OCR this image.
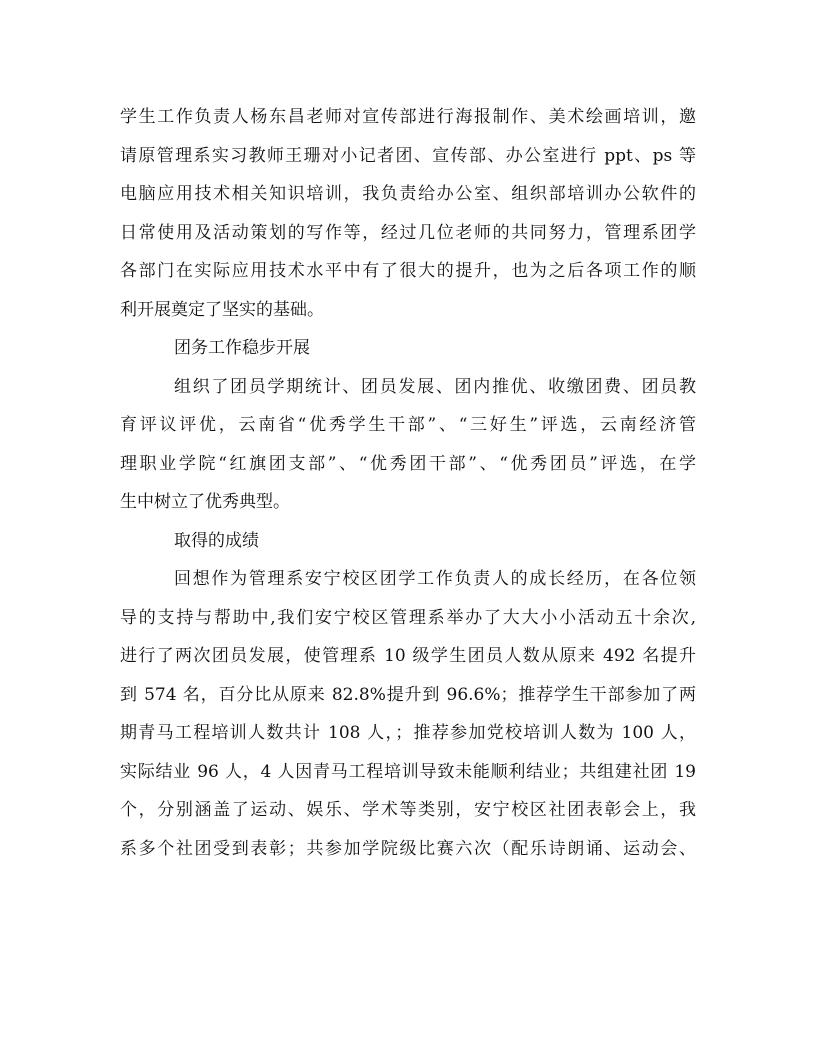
学生工作负责人杨东昌老师对宣传部进行海报制作、美术绘画培训，邀
请原管理系实习教师王珊对小记者团、宣传部、办公室进行 ppt、ps 等
电脑应用技术相关知识培训，我负责给办公室、组织部培训办公软件的
日常使用及活动策划的写作等，经过几位老师的共同努力，管理系团学
各部门在实际应用技术水平中有了很大的提升，也为之后各项工作的顺
利开展奠定了坚实的基础。
团务工作稳步开展
组织了团员学期统计、团员发展、团内推优、收缴团费、团员教
育评议评优，云南省“优秀学生干部”、“三好生”评选，云南经济管
理职业学院“红旗团支部”、“优秀团干部”、“优秀团员”评选，在学
生中树立了优秀典型。
取得的成绩
回想作为管理系安宁校区团学工作负责人的成长经历，在各位领
导的支持与帮助中,我们安宁校区管理系举办了大大小小活动五十余次,
进行了两次团员发展，使管理系 10 级学生团员人数从原来 492 名提升
到 574 名，百分比从原来 82.8%提升到 96.6%；推荐学生干部参加了两
期青马工程培训人数共计 108 人，；推荐参加党校培训人数为 100 人，
实际结业 96 人，4 人因青马工程培训导致未能顺利结业；共组建社团 19
个，分别涵盖了运动、娱乐、学术等类别，安宁校区社团表彰会上，我
系多个社团受到表彰；共参加学院级比赛六次（配乐诗朗诵、运动会、
